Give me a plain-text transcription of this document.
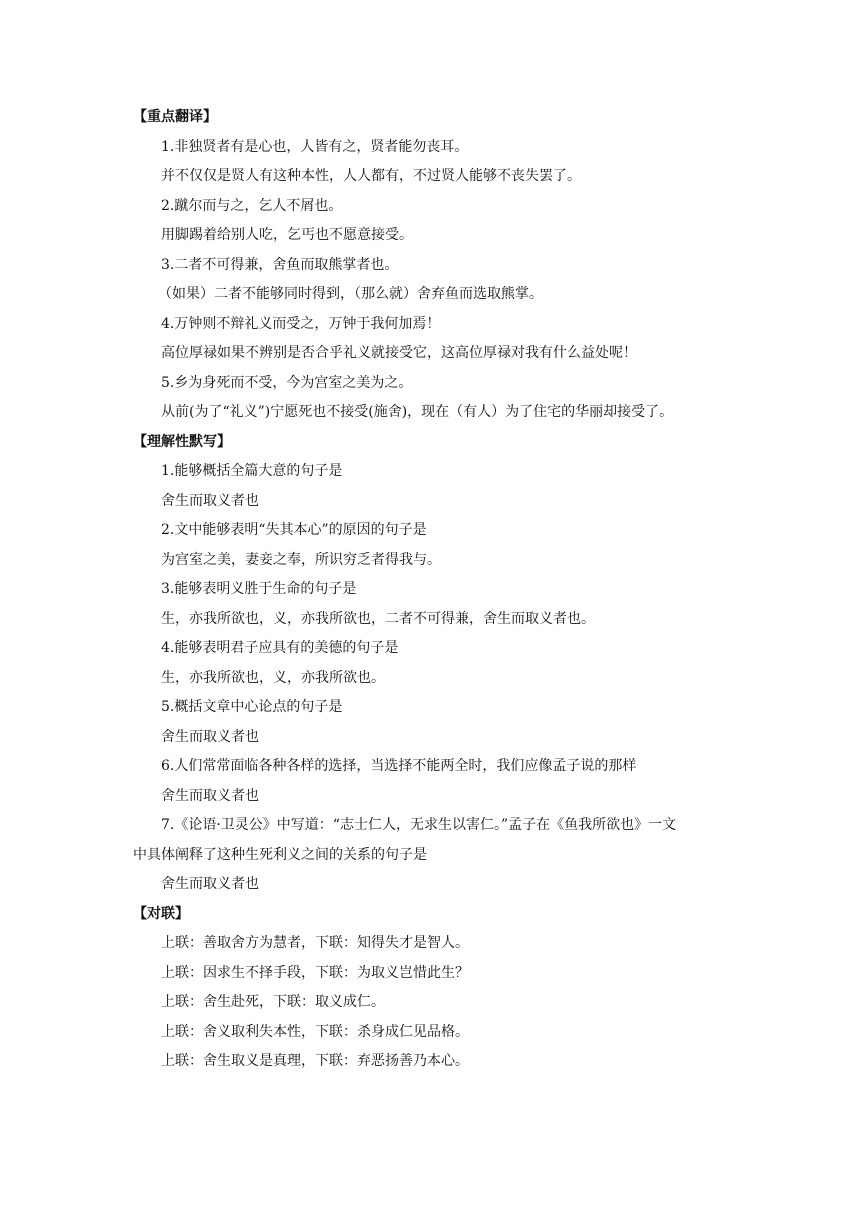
【重点翻译】
1.非独贤者有是心也，人皆有之，贤者能勿丧耳。
并不仅仅是贤人有这种本性，人人都有，不过贤人能够不丧失罢了。
2.蹴尔而与之，乞人不屑也。
用脚踢着给别人吃，乞丐也不愿意接受。
3.二者不可得兼，舍鱼而取熊掌者也。
（如果）二者不能够同时得到，（那么就）舍弃鱼而选取熊掌。
4.万钟则不辩礼义而受之，万钟于我何加焉！
高位厚禄如果不辨别是否合乎礼义就接受它，这高位厚禄对我有什么益处呢！
5.乡为身死而不受，今为宫室之美为之。
从前(为了“礼义”)宁愿死也不接受(施舍)，现在（有人）为了住宅的华丽却接受了。
【理解性默写】
1.能够概括全篇大意的句子是
舍生而取义者也
2.文中能够表明“失其本心”的原因的句子是
为宫室之美，妻妾之奉，所识穷乏者得我与。
3.能够表明义胜于生命的句子是
生，亦我所欲也，义，亦我所欲也，二者不可得兼，舍生而取义者也。
4.能够表明君子应具有的美德的句子是
生，亦我所欲也，义，亦我所欲也。
5.概括文章中心论点的句子是
舍生而取义者也
6.人们常常面临各种各样的选择，当选择不能两全时，我们应像孟子说的那样
舍生而取义者也
7.《论语·卫灵公》中写道：“志士仁人，无求生以害仁。”孟子在《鱼我所欲也》一文
中具体阐释了这种生死利义之间的关系的句子是
舍生而取义者也
【对联】
上联：善取舍方为慧者，下联：知得失才是智人。
上联：因求生不择手段，下联：为取义岂惜此生？
上联：舍生赴死，下联：取义成仁。
上联：舍义取利失本性，下联：杀身成仁见品格。
上联：舍生取义是真理，下联：弃恶扬善乃本心。
